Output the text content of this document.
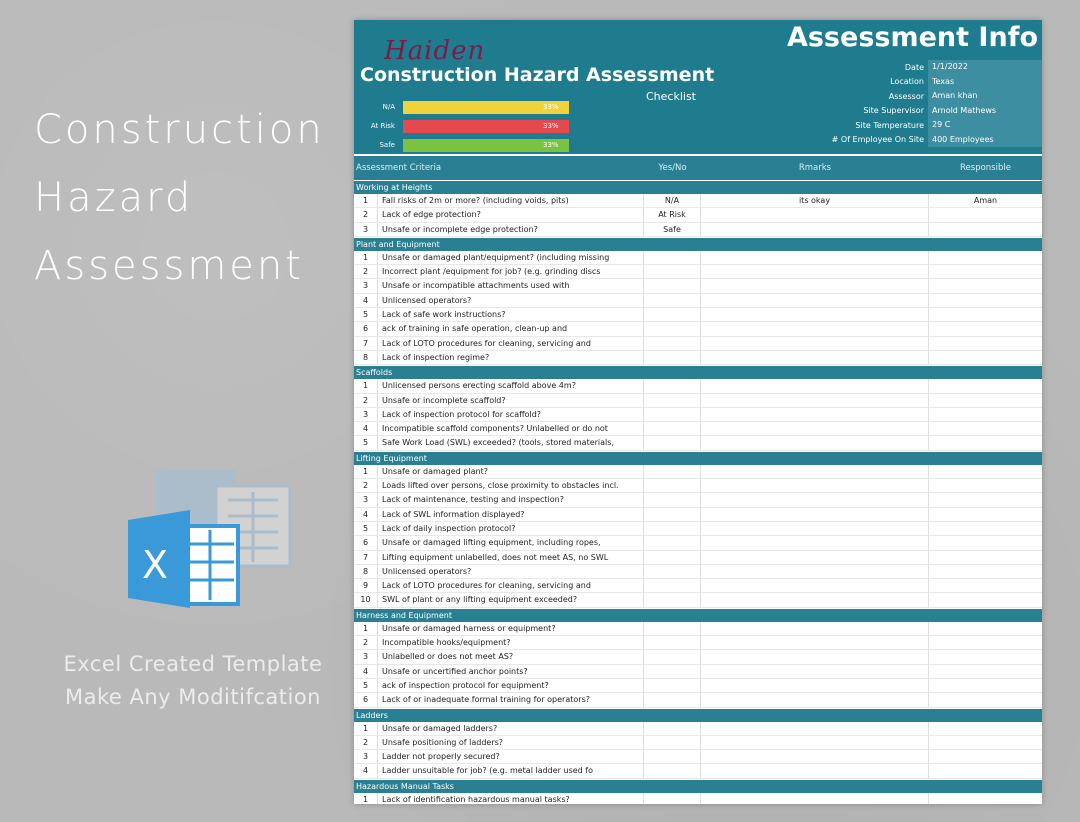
Construction
Hazard
Assessment
X
Excel Created Template
Make Any Moditifcation
Haiden
Construction Hazard Assessment
Checklist
N/A	33%
At Risk	33%
Safe	33%
Assessment Info
Date	1/1/2022
Location	Texas
Assessor	Aman khan
Site Supervisor	Arnold Mathews
Site Temperature	29 C
# Of Employee On Site	400 Employees
Assessment Criteria	Yes/No	Rmarks	Responsible
Working at Heights
1	Fall risks of 2m or more? (including voids, pits)	N/A	its okay	Aman
2	Lack of edge protection?	At Risk
3	Unsafe or incomplete edge protection?	Safe
Plant and Equipment
1	Unsafe or damaged plant/equipment? (including missing
2	Incorrect plant /equipment for job? (e.g. grinding discs
3	Unsafe or incompatible attachments used with
4	Unlicensed operators?
5	Lack of safe work instructions?
6	ack of training in safe operation, clean-up and
7	Lack of LOTO procedures for cleaning, servicing and
8	Lack of inspection regime?
Scaffolds
1	Unlicensed persons erecting scaffold above 4m?
2	Unsafe or incomplete scaffold?
3	Lack of inspection protocol for scaffold?
4	Incompatible scaffold components? Unlabelled or do not
5	Safe Work Load (SWL) exceeded? (tools, stored materials,
Lifting Equipment
1	Unsafe or damaged plant?
2	Loads lifted over persons, close proximity to obstacles incl.
3	Lack of maintenance, testing and inspection?
4	Lack of SWL information displayed?
5	Lack of daily inspection protocol?
6	Unsafe or damaged lifting equipment, including ropes,
7	Lifting equipment unlabelled, does not meet AS, no SWL
8	Unlicensed operators?
9	Lack of LOTO procedures for cleaning, servicing and
10	SWL of plant or any lifting equipment exceeded?
Harness and Equipment
1	Unsafe or damaged harness or equipment?
2	Incompatible hooks/equipment?
3	Unlabelled or does not meet AS?
4	Unsafe or uncertified anchor points?
5	ack of inspection protocol for equipment?
6	Lack of or inadequate formal training for operators?
Ladders
1	Unsafe or damaged ladders?
2	Unsafe positioning of ladders?
3	Ladder not properly secured?
4	Ladder unsuitable for job? (e.g. metal ladder used fo
Hazardous Manual Tasks
1	Lack of identification hazardous manual tasks?
